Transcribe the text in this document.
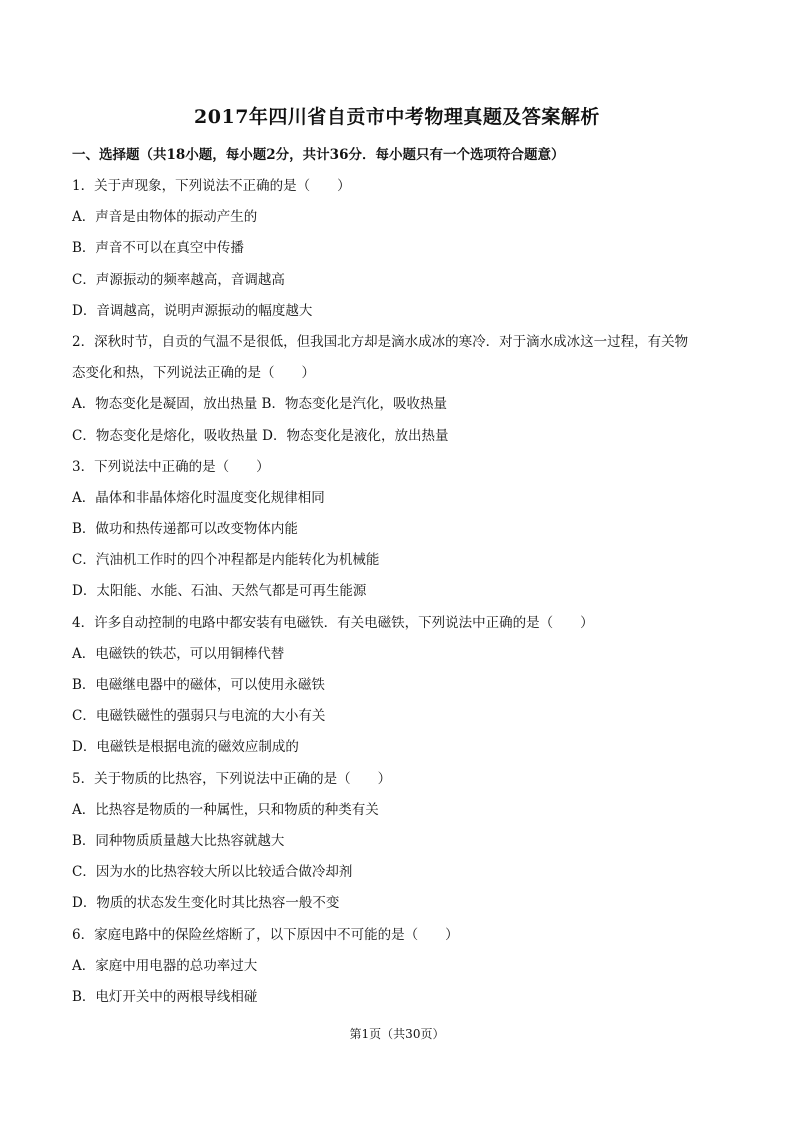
2017年四川省自贡市中考物理真题及答案解析
一、选择题（共18小题，每小题2分，共计36分．每小题只有一个选项符合题意）
1．关于声现象，下列说法不正确的是（　　）
A．声音是由物体的振动产生的
B．声音不可以在真空中传播
C．声源振动的频率越高，音调越高
D．音调越高，说明声源振动的幅度越大
2．深秋时节，自贡的气温不是很低，但我国北方却是滴水成冰的寒冷．对于滴水成冰这一过程，有关物
态变化和热，下列说法正确的是（　　）
A．物态变化是凝固，放出热量 B．物态变化是汽化，吸收热量
C．物态变化是熔化，吸收热量 D．物态变化是液化，放出热量
3．下列说法中正确的是（　　）
A．晶体和非晶体熔化时温度变化规律相同
B．做功和热传递都可以改变物体内能
C．汽油机工作时的四个冲程都是内能转化为机械能
D．太阳能、水能、石油、天然气都是可再生能源
4．许多自动控制的电路中都安装有电磁铁．有关电磁铁，下列说法中正确的是（　　）
A．电磁铁的铁芯，可以用铜棒代替
B．电磁继电器中的磁体，可以使用永磁铁
C．电磁铁磁性的强弱只与电流的大小有关
D．电磁铁是根据电流的磁效应制成的
5．关于物质的比热容，下列说法中正确的是（　　）
A．比热容是物质的一种属性，只和物质的种类有关
B．同种物质质量越大比热容就越大
C．因为水的比热容较大所以比较适合做冷却剂
D．物质的状态发生变化时其比热容一般不变
6．家庭电路中的保险丝熔断了，以下原因中不可能的是（　　）
A．家庭中用电器的总功率过大
B．电灯开关中的两根导线相碰
第1页（共30页）
